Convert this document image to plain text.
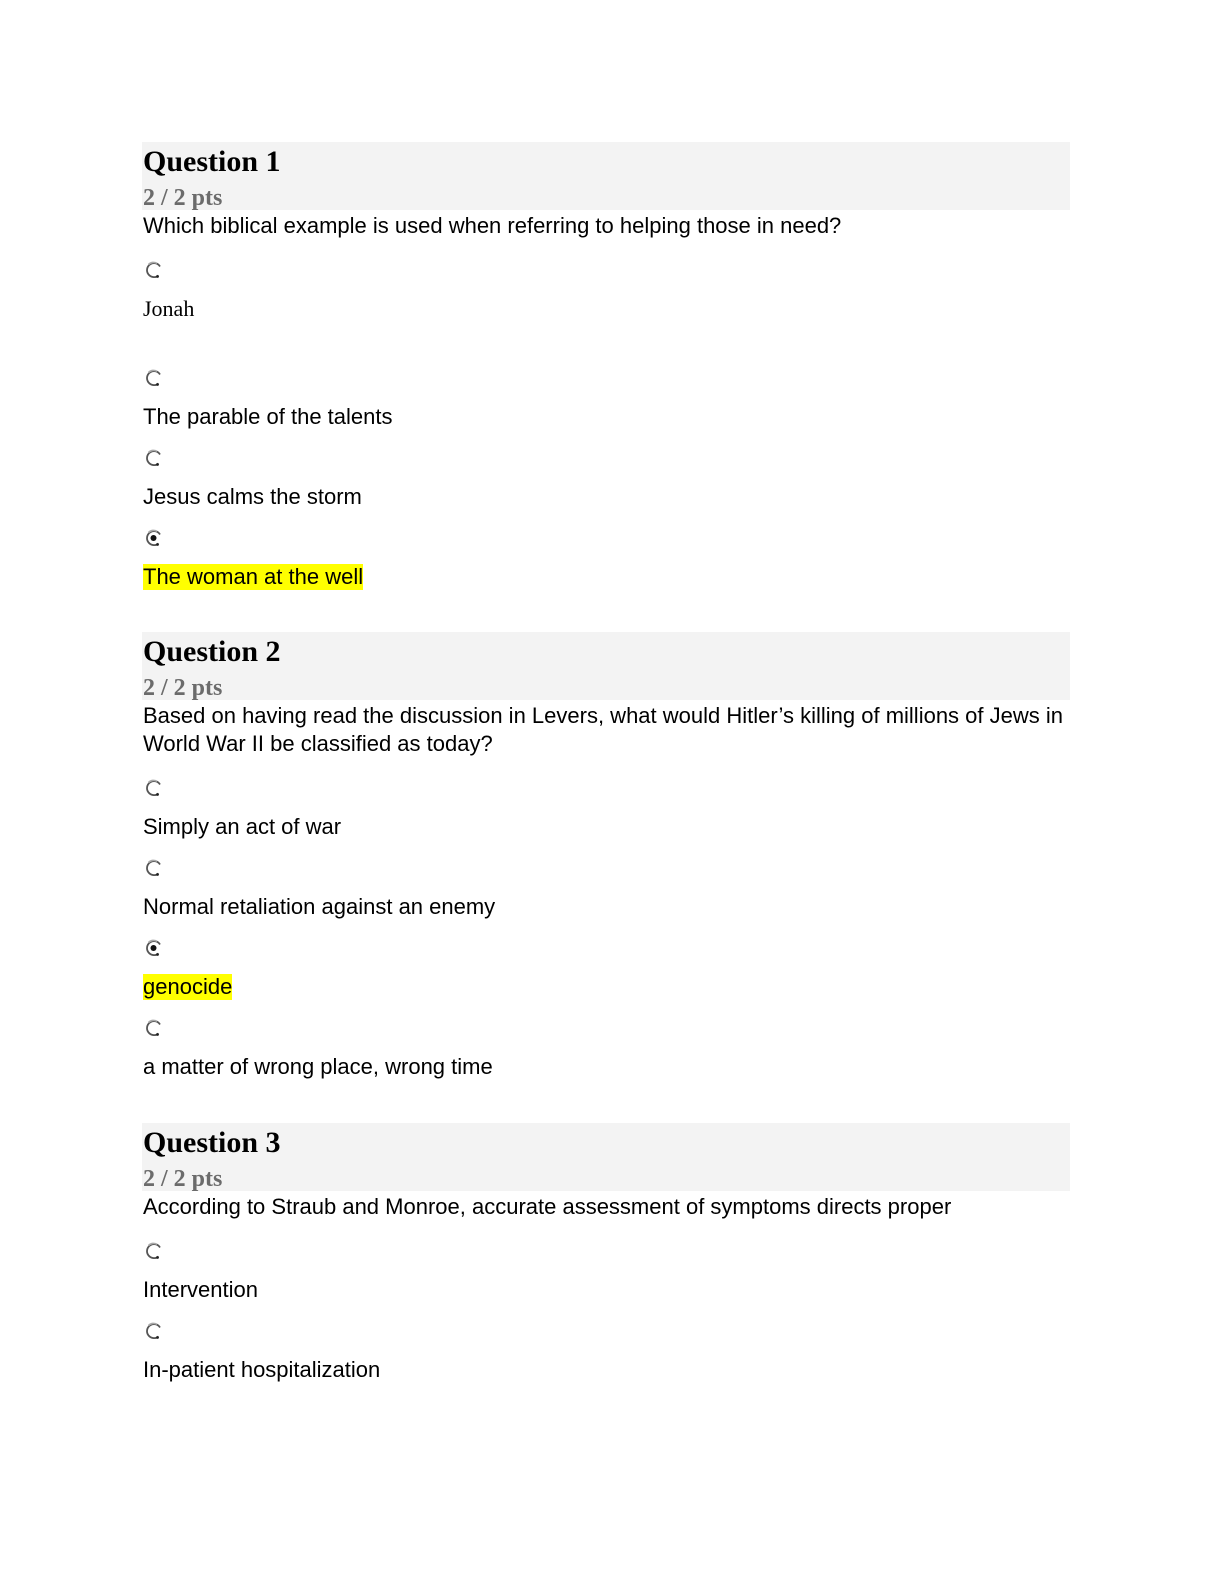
Question 1
2 / 2 pts
Which biblical example is used when referring to helping those in need?
Jonah
The parable of the talents
Jesus calms the storm
The woman at the well
Question 2
2 / 2 pts
Based on having read the discussion in Levers, what would Hitler’s killing of millions of Jews in World War II be classified as today?
Simply an act of war
Normal retaliation against an enemy
genocide
a matter of wrong place, wrong time
Question 3
2 / 2 pts
According to Straub and Monroe, accurate assessment of symptoms directs proper
Intervention
In-patient hospitalization
